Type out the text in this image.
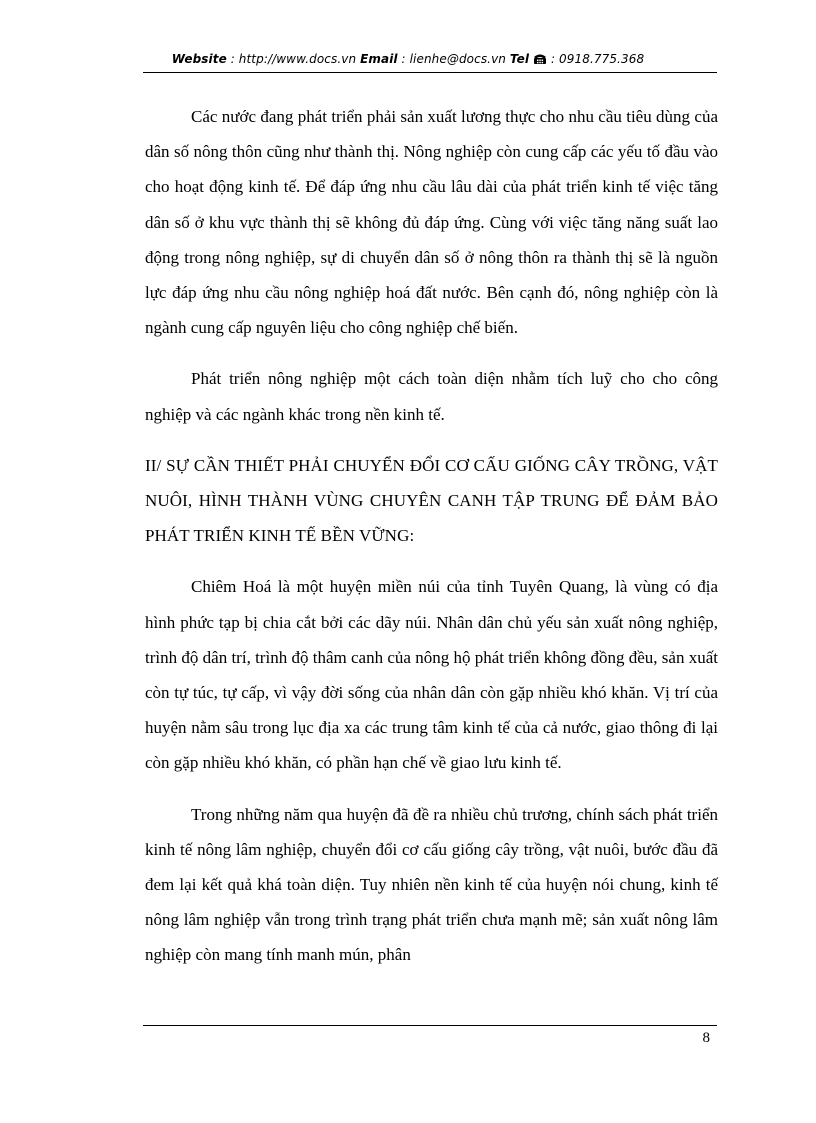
Website : http://www.docs.vn Email : lienhe@docs.vn Tel  : 0918.775.368

Các nước đang phát triển phải sản xuất lương thực cho nhu cầu tiêu dùng của dân số nông thôn cũng như thành thị. Nông nghiệp còn cung cấp các yếu tố đầu vào cho hoạt động kinh tế. Để đáp ứng nhu cầu lâu dài của phát triển kinh tế việc tăng dân số ở khu vực thành thị sẽ không đủ đáp ứng. Cùng với việc tăng năng suất lao động trong nông nghiệp, sự di chuyển dân số ở nông thôn ra thành thị sẽ là nguồn lực đáp ứng nhu cầu nông nghiệp hoá đất nước. Bên cạnh đó, nông nghiệp còn là ngành cung cấp nguyên liệu cho công nghiệp chế biến.

Phát triển nông nghiệp một cách toàn diện nhằm tích luỹ cho cho công nghiệp và các ngành khác trong nền kinh tế.

II/ SỰ CẦN THIẾT PHẢI CHUYỂN ĐỔI CƠ CẤU GIỐNG CÂY TRỒNG, VẬT NUÔI, HÌNH THÀNH VÙNG CHUYÊN CANH TẬP TRUNG ĐỂ ĐẢM BẢO PHÁT TRIỂN KINH TẾ BỀN VỮNG:

Chiêm Hoá là một huyện miền núi của tỉnh Tuyên Quang, là vùng có địa hình phức tạp bị chia cắt bởi các dãy núi. Nhân dân chủ yếu sản xuất nông nghiệp, trình độ dân trí, trình độ thâm canh của nông hộ phát triển không đồng đều, sản xuất còn tự túc, tự cấp, vì vậy đời sống của nhân dân còn gặp nhiều khó khăn. Vị trí của huyện nằm sâu trong lục địa xa các trung tâm kinh tế của cả nước, giao thông đi lại còn gặp nhiều khó khăn, có phần hạn chế về giao lưu kinh tế.

Trong những năm qua huyện đã đề ra nhiều chủ trương, chính sách phát triển kinh tế nông lâm nghiệp, chuyển đổi cơ cấu giống cây trồng, vật nuôi, bước đầu đã đem lại kết quả khá toàn diện. Tuy nhiên nền kinh tế của huyện nói chung, kinh tế nông lâm nghiệp vẫn trong trình trạng phát triển chưa mạnh mẽ; sản xuất nông lâm nghiệp còn mang tính manh mún, phân

8
